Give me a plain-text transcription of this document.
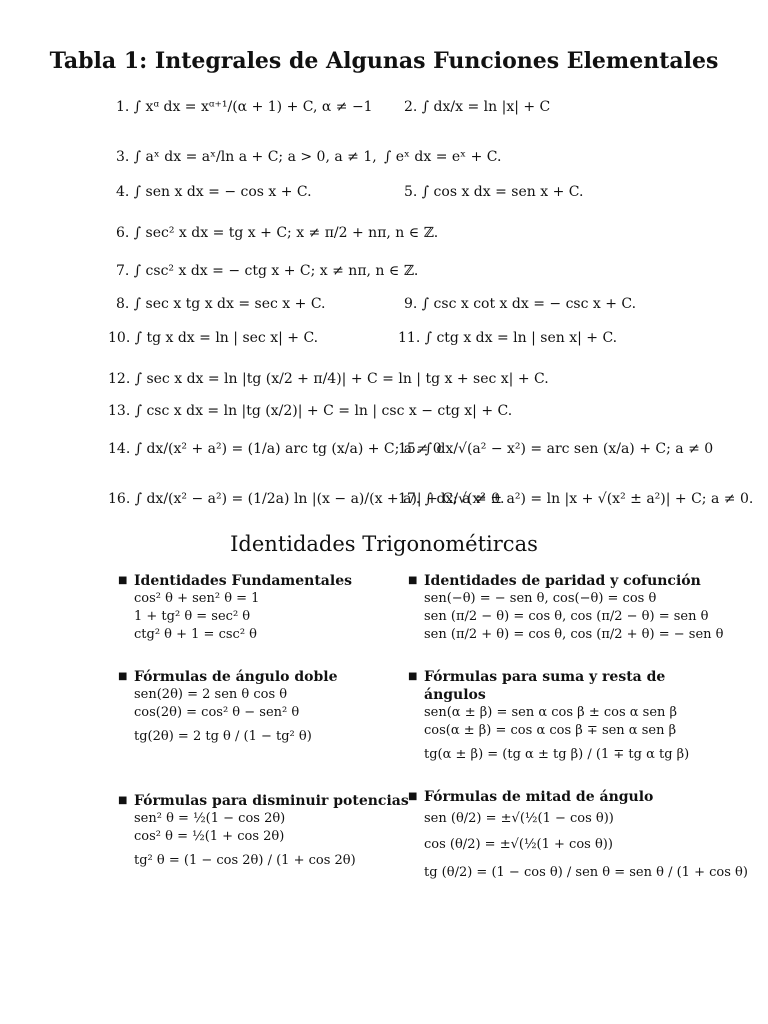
Tabla 1: Integrales de Algunas Funciones Elementales
1. ∫ xᵅ dx = xᵅ⁺¹/(α + 1) + C, α ≠ −1 2. ∫ dx/x = ln |x| + C
3. ∫ aˣ dx = aˣ/ln a + C; a > 0, a ≠ 1, ∫ eˣ dx = eˣ + C.
4. ∫ sen x dx = − cos x + C.	5. ∫ cos x dx = sen x + C.
6. ∫ sec² x dx = tg x + C; x ≠ π/2 + nπ, n ∈ ℤ.
7. ∫ csc² x dx = − ctg x + C; x ≠ nπ, n ∈ ℤ.
8. ∫ sec x tg x dx = sec x + C.	9. ∫ csc x cot x dx = − csc x + C.
10. ∫ tg x dx = ln | sec x| + C.	11. ∫ ctg x dx = ln | sen x| + C.
12. ∫ sec x dx = ln |tg (x/2 + π/4)| + C = ln | tg x + sec x| + C.
13. ∫ csc x dx = ln |tg (x/2)| + C = ln | csc x − ctg x| + C.
14. ∫ dx/(x² + a²) = (1/a) arc tg (x/a) + C; a ≠ 0
15. ∫ dx/√(a² − x²) = arc sen (x/a) + C; a ≠ 0
16. ∫ dx/(x² − a²) = (1/2a) ln |(x − a)/(x + a)| + C; a ≠ 0.
17. ∫ dx/√(x² ± a²) = ln |x + √(x² ± a²)| + C; a ≠ 0.
Identidades Trigonométircas
■ Identidades Fundamentales
cos² θ + sen² θ = 1
1 + tg² θ = sec² θ
ctg² θ + 1 = csc² θ
■ Fórmulas de ángulo doble
sen(2θ) = 2 sen θ cos θ
cos(2θ) = cos² θ − sen² θ
tg(2θ) = 2 tg θ / (1 − tg² θ)
■ Fórmulas para disminuir potencias
sen² θ = ½(1 − cos 2θ)
cos² θ = ½(1 + cos 2θ)
tg² θ = (1 − cos 2θ) / (1 + cos 2θ)
■ Identidades de paridad y cofunción
sen(−θ) = − sen θ, cos(−θ) = cos θ
sen (π/2 − θ) = cos θ, cos (π/2 − θ) = sen θ
sen (π/2 + θ) = cos θ, cos (π/2 + θ) = − sen θ
■ Fórmulas para suma y resta de ángulos
sen(α ± β) = sen α cos β ± cos α sen β
cos(α ± β) = cos α cos β ∓ sen α sen β
tg(α ± β) = (tg α ± tg β) / (1 ∓ tg α tg β)
■ Fórmulas de mitad de ángulo
sen (θ/2) = ±√(½(1 − cos θ))
cos (θ/2) = ±√(½(1 + cos θ))
tg (θ/2) = (1 − cos θ) / sen θ = sen θ / (1 + cos θ)
